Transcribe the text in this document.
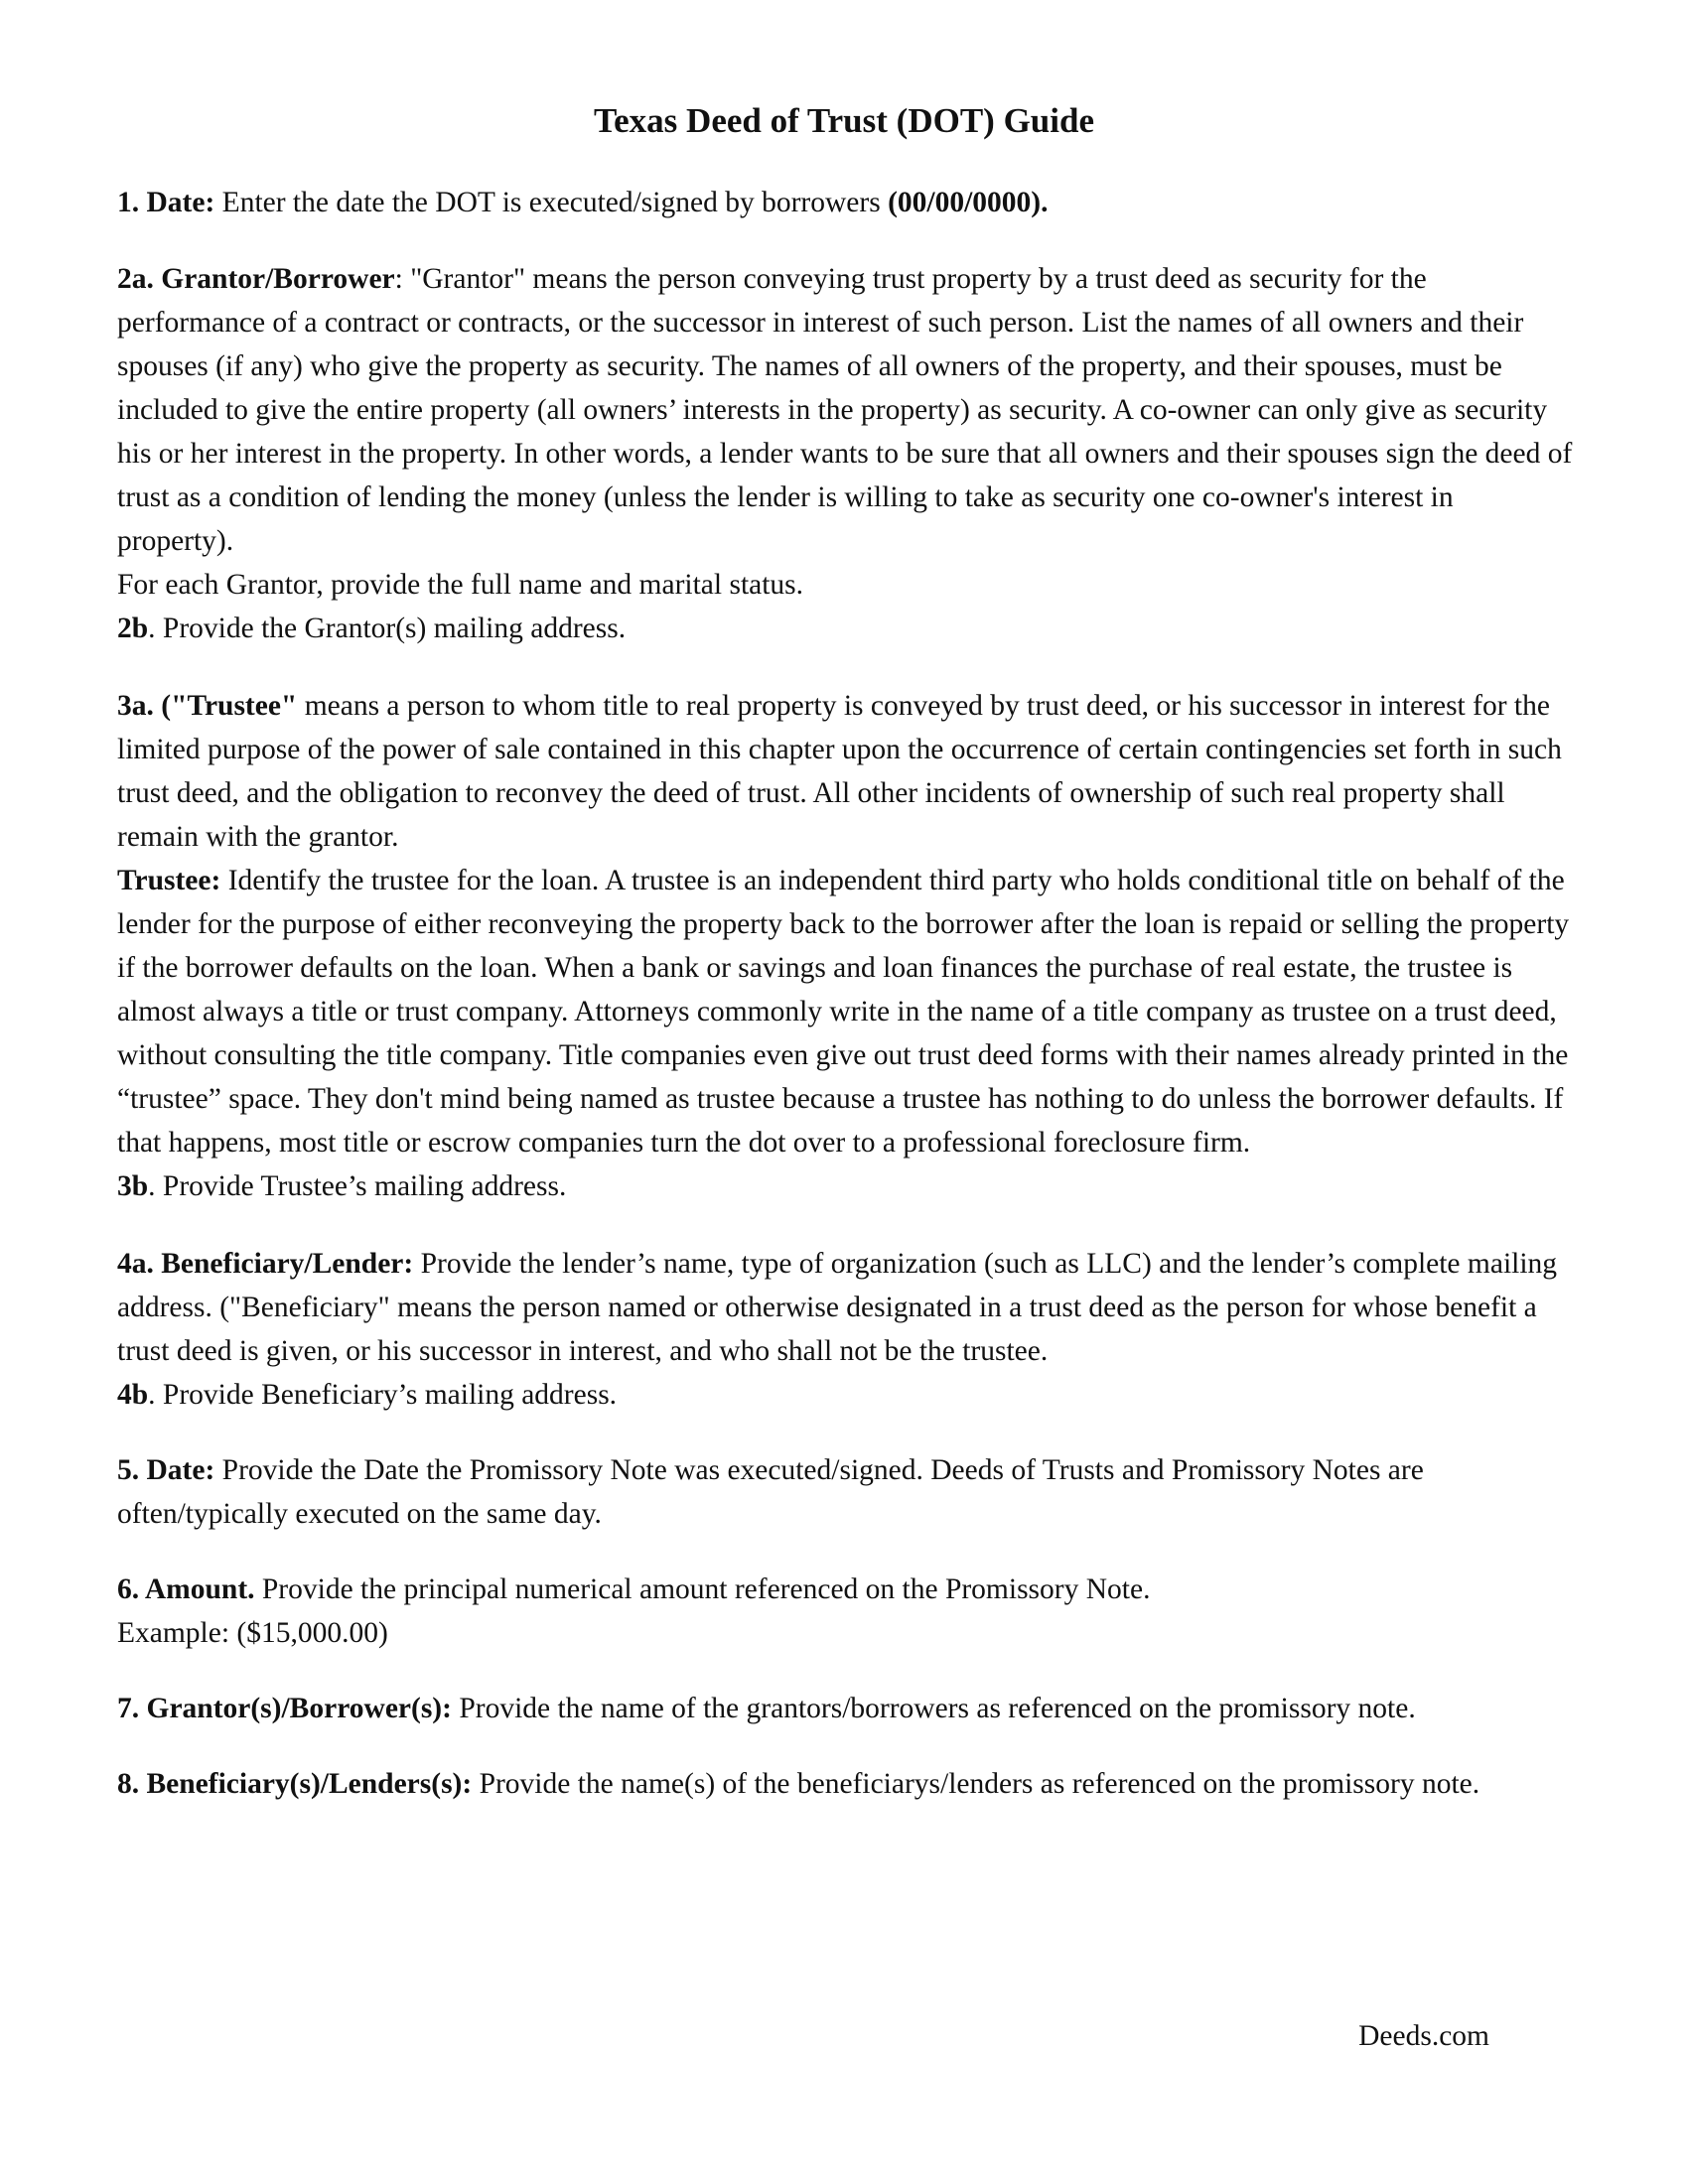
Texas Deed of Trust (DOT) Guide

1. Date: Enter the date the DOT is executed/signed by borrowers (00/00/0000).

2a. Grantor/Borrower: "Grantor" means the person conveying trust property by a trust deed as security for the performance of a contract or contracts, or the successor in interest of such person. List the names of all owners and their spouses (if any) who give the property as security. The names of all owners of the property, and their spouses, must be included to give the entire property (all owners’ interests in the property) as security. A co-owner can only give as security his or her interest in the property. In other words, a lender wants to be sure that all owners and their spouses sign the deed of trust as a condition of lending the money (unless the lender is willing to take as security one co-owner's interest in property).

For each Grantor, provide the full name and marital status.

2b. Provide the Grantor(s) mailing address.

3a. ("Trustee" means a person to whom title to real property is conveyed by trust deed, or his successor in interest for the limited purpose of the power of sale contained in this chapter upon the occurrence of certain contingencies set forth in such trust deed, and the obligation to reconvey the deed of trust. All other incidents of ownership of such real property shall remain with the grantor.

Trustee: Identify the trustee for the loan. A trustee is an independent third party who holds conditional title on behalf of the lender for the purpose of either reconveying the property back to the borrower after the loan is repaid or selling the property if the borrower defaults on the loan. When a bank or savings and loan finances the purchase of real estate, the trustee is almost always a title or trust company. Attorneys commonly write in the name of a title company as trustee on a trust deed, without consulting the title company. Title companies even give out trust deed forms with their names already printed in the “trustee” space. They don't mind being named as trustee because a trustee has nothing to do unless the borrower defaults. If that happens, most title or escrow companies turn the dot over to a professional foreclosure firm.

3b. Provide Trustee’s mailing address.

4a. Beneficiary/Lender: Provide the lender’s name, type of organization (such as LLC) and the lender’s complete mailing address. ("Beneficiary" means the person named or otherwise designated in a trust deed as the person for whose benefit a trust deed is given, or his successor in interest, and who shall not be the trustee.

4b. Provide Beneficiary’s mailing address.

5. Date: Provide the Date the Promissory Note was executed/signed. Deeds of Trusts and Promissory Notes are often/typically executed on the same day.

6. Amount. Provide the principal numerical amount referenced on the Promissory Note.

Example: ($15,000.00)

7. Grantor(s)/Borrower(s): Provide the name of the grantors/borrowers as referenced on the promissory note.

8. Beneficiary(s)/Lenders(s): Provide the name(s) of the beneficiarys/lenders as referenced on the promissory note.

Deeds.com
